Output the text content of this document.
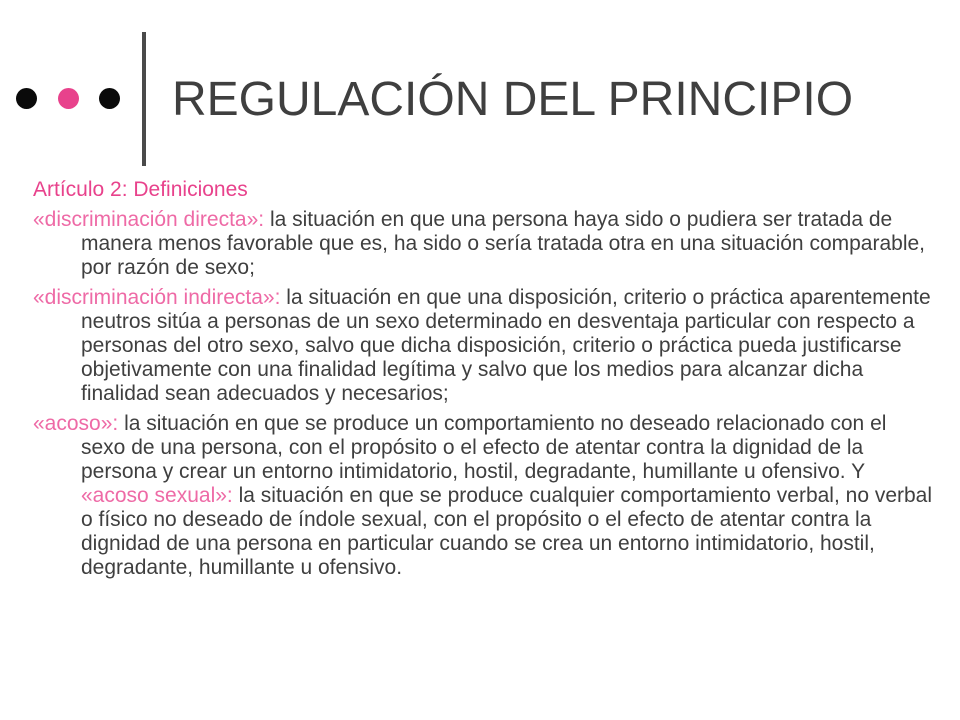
REGULACIÓN DEL PRINCIPIO

Artículo 2: Definiciones

«discriminación directa»: la situación en que una persona haya sido o pudiera ser tratada de manera menos favorable que es, ha sido o sería tratada otra en una situación comparable, por razón de sexo;

«discriminación indirecta»: la situación en que una disposición, criterio o práctica aparentemente neutros sitúa a personas de un sexo determinado en desventaja particular con respecto a personas del otro sexo, salvo que dicha disposición, criterio o práctica pueda justificarse objetivamente con una finalidad legítima y salvo que los medios para alcanzar dicha finalidad sean adecuados y necesarios;

«acoso»: la situación en que se produce un comportamiento no deseado relacionado con el sexo de una persona, con el propósito o el efecto de atentar contra la dignidad de la persona y crear un entorno intimidatorio, hostil, degradante, humillante u ofensivo. Y «acoso sexual»: la situación en que se produce cualquier comportamiento verbal, no verbal o físico no deseado de índole sexual, con el propósito o el efecto de atentar contra la dignidad de una persona en particular cuando se crea un entorno intimidatorio, hostil, degradante, humillante u ofensivo.
